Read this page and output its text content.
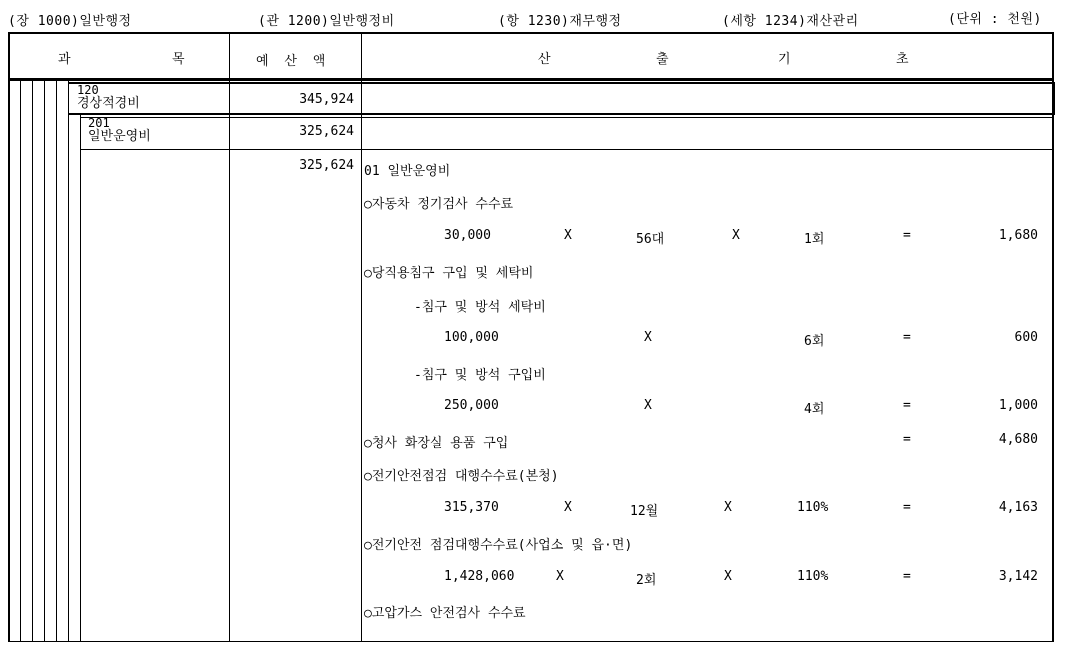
(장 1000)일반행정	(관 1200)일반행정비	(항 1230)재무행정	(세항 1234)재산관리	(단위 : 천원)
과	목	예 산 액	산	출	기	초
120
경상적경비	345,924
201
일반운영비	325,624
325,624 01 일반운영비
○자동차 정기검사 수수료
30,000	X	56대	X	1회	=	1,680
○당직용침구 구입 및 세탁비
-침구 및 방석 세탁비
100,000	X	6회	=	600
-침구 및 방석 구입비
250,000	X	4회	=	1,000
○청사 화장실 용품 구입	=	4,680
○전기안전점검 대행수수료(본청)
315,370	X	12월	X	110%	=	4,163
○전기안전 점검대행수수료(사업소 및 읍·면)
1,428,060	X	2회	X	110%	=	3,142
○고압가스 안전검사 수수료
